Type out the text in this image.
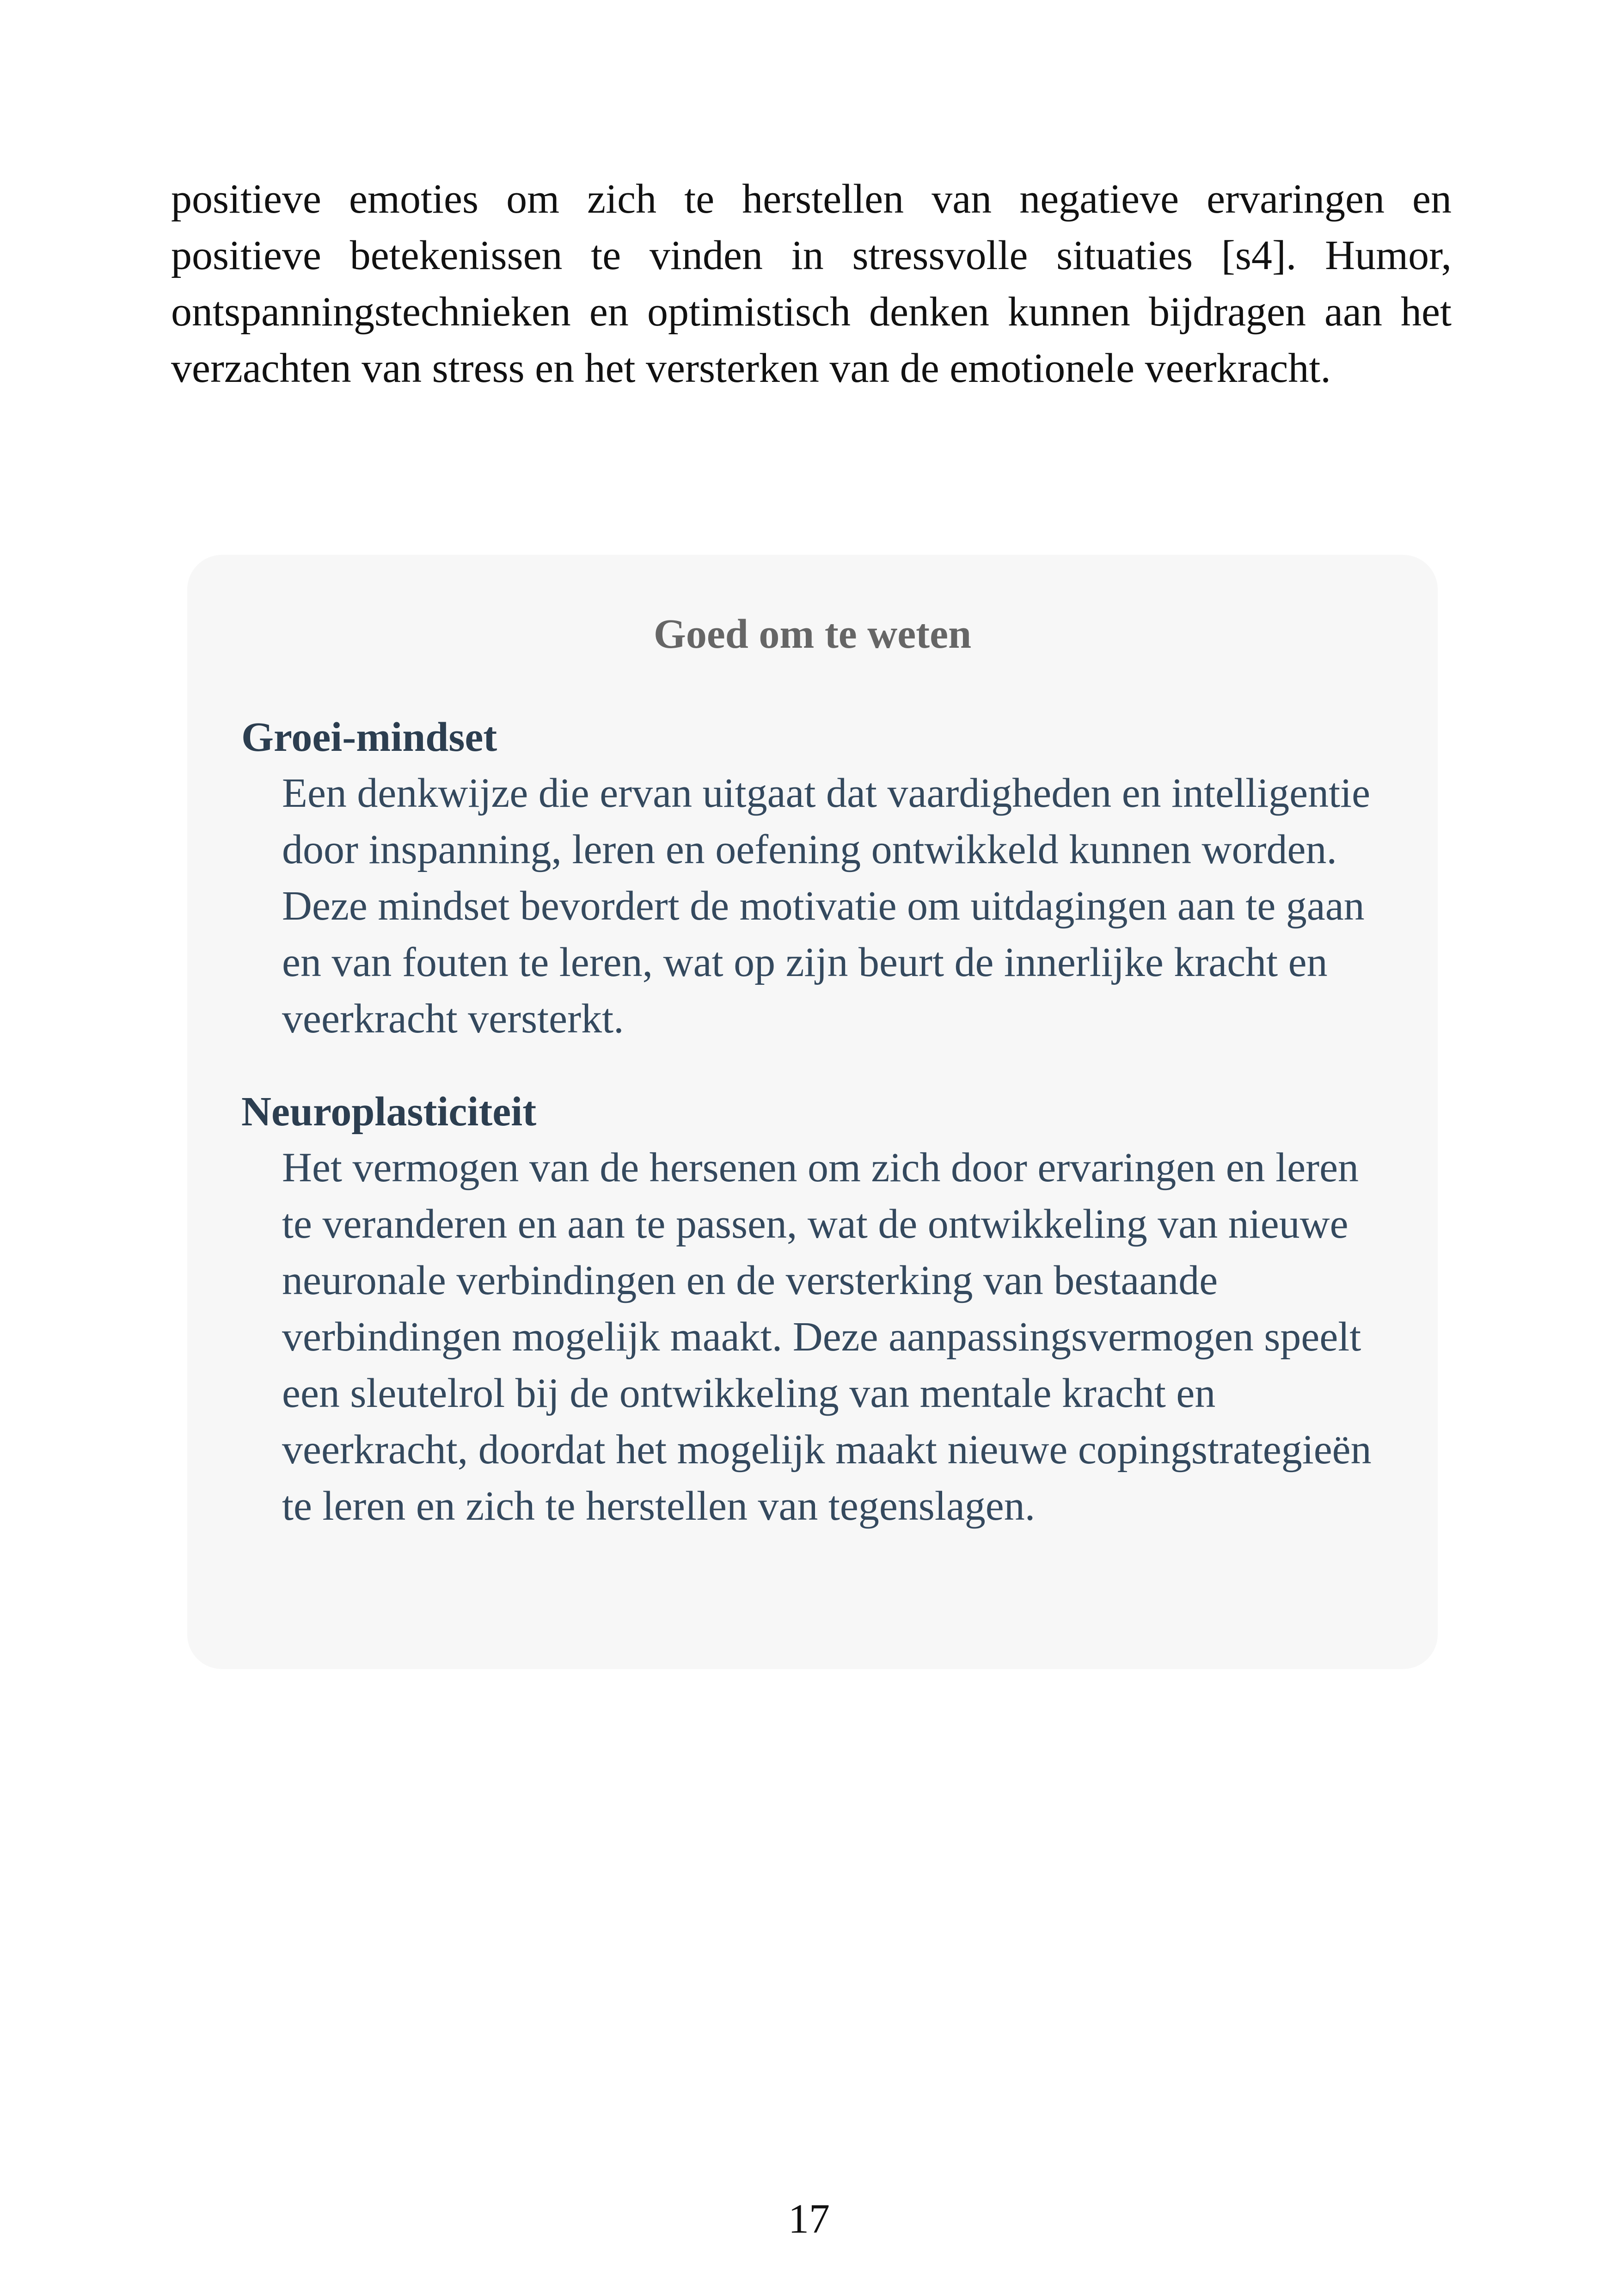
positieve emoties om zich te herstellen van negatieve ervaringen en positieve betekenissen te vinden in stressvolle situaties [s4]. Humor, ontspanningstechnieken en optimistisch denken kunnen bijdragen aan het verzachten van stress en het versterken van de emotionele veerkracht.

Goed om te weten
Groei-mindset

Een denkwijze die ervan uitgaat dat vaardigheden en intelligentie door inspanning, leren en oefening ontwikkeld kunnen worden. Deze mindset bevordert de motivatie om uitdagingen aan te gaan en van fouten te leren, wat op zijn beurt de innerlijke kracht en veerkracht versterkt.

Neuroplasticiteit

Het vermogen van de hersenen om zich door ervaringen en leren te veranderen en aan te passen, wat de ontwikkeling van nieuwe neuronale verbindingen en de versterking van bestaande verbindingen mogelijk maakt. Deze aanpassingsvermogen speelt een sleutelrol bij de ontwikkeling van mentale kracht en veerkracht, doordat het mogelijk maakt nieuwe copingstrategieën te leren en zich te herstellen van tegenslagen.

17
